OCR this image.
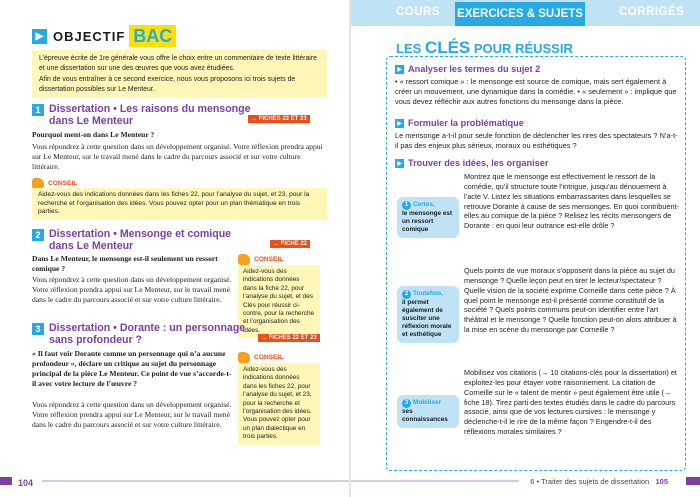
▶ OBJECTIF BAC

L’épreuve écrite de 1re générale vous offre le choix entre un commentaire de texte littéraire et une dissertation sur une des œuvres que vous avez étudiées.

Afin de vous entraîner à ce second exercice, nous vous proposons ici trois sujets de dissertation possibles sur Le Menteur.

1 Dissertation • Les raisons du mensonge
dans Le Menteur	→ FICHES 22 ET 23
Pourquoi ment-on dans Le Menteur ?
Vous répondrez à cette question dans un développement organisé. Votre réflexion prendra appui sur Le Menteur, sur le travail mené dans le cadre du parcours associé et sur votre culture littéraire.
CONSEIL
Aidez-vous des indications données dans les fiches 22, pour l’analyse du sujet, et 23, pour la recherche et l’organisation des idées. Vous pouvez opter pour un plan thématique en trois parties.
2 Dissertation • Mensonge et comique
dans Le Menteur	→ FICHE 22
Dans Le Menteur, le mensonge est-il seulement un ressort comique ?
Vous répondrez à cette question dans un développement organisé. Votre réflexion prendra appui sur Le Menteur, sur le travail mené dans le cadre du parcours associé et sur votre culture littéraire.
CONSEIL
Aidez-vous des indications données dans la fiche 22, pour l’analyse du sujet, et des Clés pour réussir ci-contre, pour la recherche et l’organisation des idées.
3 Dissertation • Dorante : un personnage
sans profondeur ?	→ FICHES 22 ET 23
« Il faut voir Dorante comme un personnage qui n’a aucune profondeur », déclare un critique au sujet du personnage principal de la pièce Le Menteur. Ce point de vue s’accorde-t-il avec votre lecture de l’œuvre ?
Vous répondrez à cette question dans un développement organisé. Votre réflexion prendra appui sur Le Menteur, sur le travail mené dans le cadre du parcours associé et sur votre culture littéraire.
CONSEIL
Aidez-vous des indications données dans les fiches 22, pour l’analyse du sujet, et 23, pour la recherche et l’organisation des idées. Vous pouvez opter pour un plan dialectique en trois parties.
104
COURS EXERCICES & SUJETS	CORRIGÉS
LES CLÉS POUR RÉUSSIR
▶ Analyser les termes du sujet 2
• « ressort comique » : le mensonge est source de comique, mais sert également à créer un mouvement, une dynamique dans la comédie. • « seulement » : implique que vous devez réfléchir aux autres fonctions du mensonge dans la pièce.
▶ Formuler la problématique
Le mensonge a-t-il pour seule fonction de déclencher les rires des spectateurs ? N’a-t-il pas des enjeux plus sérieux, moraux ou esthétiques ?
▶ Trouver des idées, les organiser
1 Certes,
le mensonge est un ressort comique
Montrez que le mensonge est effectivement le ressort de la comédie, qu’il structure toute l’intrigue, jusqu’au dénouement à l’acte V. Listez les situations embarrassantes dans lesquelles se retrouve Dorante à cause de ses mensonges. En quoi contribuent-elles au comique de la pièce ? Relisez les récits mensongers de Dorante : en quoi leur outrance est-elle drôle ?
2 Toutefois,
il permet également de susciter une réflexion morale et esthétique
Quels points de vue moraux s’opposent dans la pièce au sujet du mensonge ? Quelle leçon peut en tirer le lecteur/spectateur ? Quelle vision de la société exprime Corneille dans cette pièce ? À quel point le mensonge est-il présenté comme constitutif de la société ? Quels points communs peut-on identifier entre l’art théâtral et le mensonge ? Quelle fonction peut-on alors attribuer à la mise en scène du mensonge par Corneille ?
3 Mobiliser
ses connaissances
Mobilisez vos citations (→ 10 citations-clés pour la dissertation) et exploitez-les pour étayer votre raisonnement. La citation de Corneille sur le « talent de mentir » peut également être utile (→ fiche 18). Tirez parti des textes étudiés dans le cadre du parcours associé, ainsi que de vos lectures cursives : le mensonge y déclenche-t-il le rire de la même façon ? Engendre-t-il des réflexions morales similaires ?
6 • Traiter des sujets de dissertation 105
